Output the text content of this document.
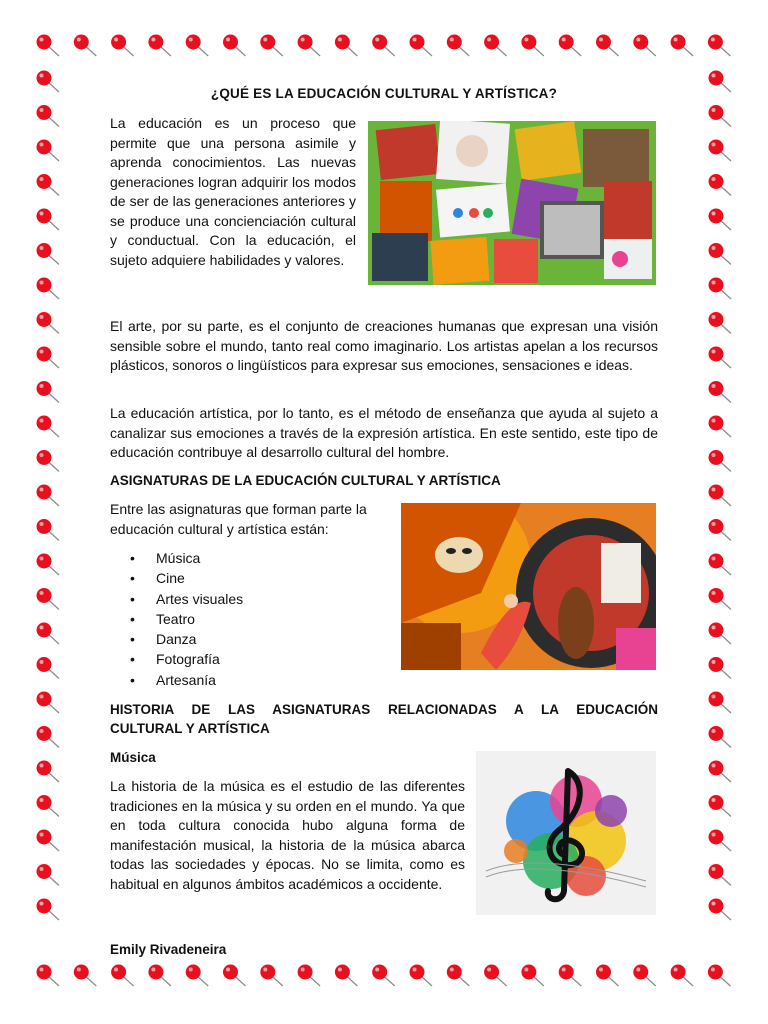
¿QUÉ ES LA EDUCACIÓN CULTURAL Y ARTÍSTICA?

La educación es un proceso que permite que una persona asimile y aprenda conocimientos. Las nuevas generaciones logran adquirir los modos de ser de las generaciones anteriores y se produce una concienciación cultural y conductual. Con la educación, el sujeto adquiere habilidades y valores.

El arte, por su parte, es el conjunto de creaciones humanas que expresan una visión sensible sobre el mundo, tanto real como imaginario. Los artistas apelan a los recursos plásticos, sonoros o lingüísticos para expresar sus emociones, sensaciones e ideas.

La educación artística, por lo tanto, es el método de enseñanza que ayuda al sujeto a canalizar sus emociones a través de la expresión artística. En este sentido, este tipo de educación contribuye al desarrollo cultural del hombre.

ASIGNATURAS DE LA EDUCACIÓN CULTURAL Y ARTÍSTICA

Entre las asignaturas que forman parte la educación cultural y artística están:

• Música
• Cine
• Artes visuales
• Teatro
• Danza
• Fotografía
• Artesanía
HISTORIA DE LAS ASIGNATURAS RELACIONADAS A LA EDUCACIÓN
CULTURAL Y ARTÍSTICA
Música

La historia de la música es el estudio de las diferentes tradiciones en la música y su orden en el mundo. Ya que en toda cultura conocida hubo alguna forma de manifestación musical, la historia de la música abarca todas las sociedades y épocas. No se limita, como es habitual en algunos ámbitos académicos a occidente.

Emily Rivadeneira
